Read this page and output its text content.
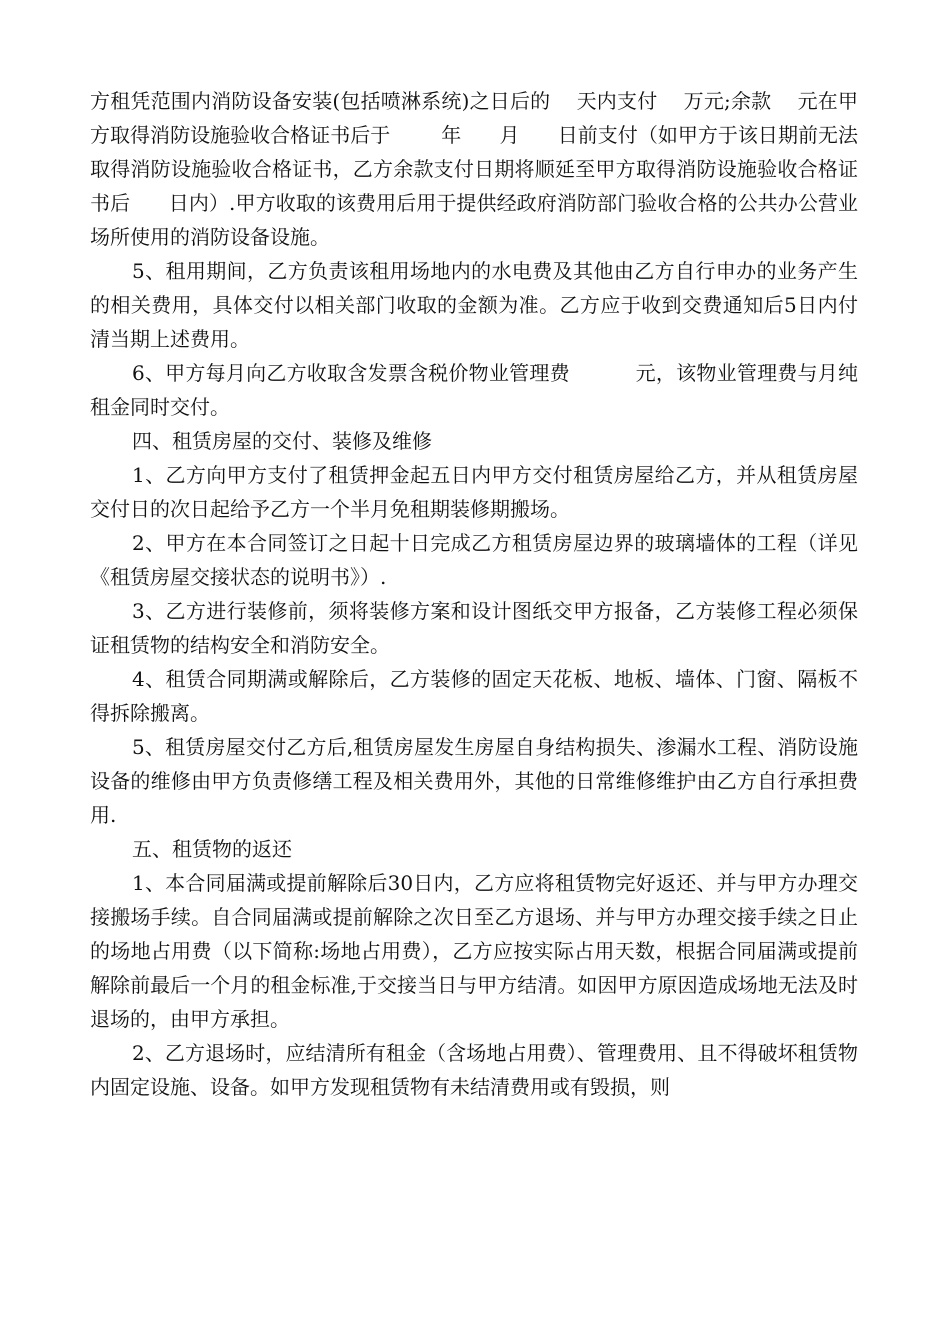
方租凭范围内消防设备安装(包括喷淋系统)之日后的    天内支付    万元;余款    元在甲方取得消防设施验收合格证书后于        年      月      日前支付（如甲方于该日期前无法取得消防设施验收合格证书，乙方余款支付日期将顺延至甲方取得消防设施验收合格证书后      日内）.甲方收取的该费用后用于提供经政府消防部门验收合格的公共办公营业场所使用的消防设备设施。

5、租用期间，乙方负责该租用场地内的水电费及其他由乙方自行申办的业务产生的相关费用，具体交付以相关部门收取的金额为准。乙方应于收到交费通知后5日内付清当期上述费用。

6、甲方每月向乙方收取含发票含税价物业管理费          元，该物业管理费与月纯租金同时交付。

四、租赁房屋的交付、装修及维修

1、乙方向甲方支付了租赁押金起五日内甲方交付租赁房屋给乙方，并从租赁房屋交付日的次日起给予乙方一个半月免租期装修期搬场。

2、甲方在本合同签订之日起十日完成乙方租赁房屋边界的玻璃墙体的工程（详见《租赁房屋交接状态的说明书》）.

3、乙方进行装修前，须将装修方案和设计图纸交甲方报备，乙方装修工程必须保证租赁物的结构安全和消防安全。

4、租赁合同期满或解除后，乙方装修的固定天花板、地板、墙体、门窗、隔板不得拆除搬离。

5、租赁房屋交付乙方后,租赁房屋发生房屋自身结构损失、渗漏水工程、消防设施设备的维修由甲方负责修缮工程及相关费用外，其他的日常维修维护由乙方自行承担费用.

五、租赁物的返还

1、本合同届满或提前解除后30日内，乙方应将租赁物完好返还、并与甲方办理交接搬场手续。自合同届满或提前解除之次日至乙方退场、并与甲方办理交接手续之日止的场地占用费（以下简称:场地占用费），乙方应按实际占用天数，根据合同届满或提前解除前最后一个月的租金标准,于交接当日与甲方结清。如因甲方原因造成场地无法及时退场的，由甲方承担。

2、乙方退场时，应结清所有租金（含场地占用费）、管理费用、且不得破坏租赁物内固定设施、设备。如甲方发现租赁物有未结清费用或有毁损，则
